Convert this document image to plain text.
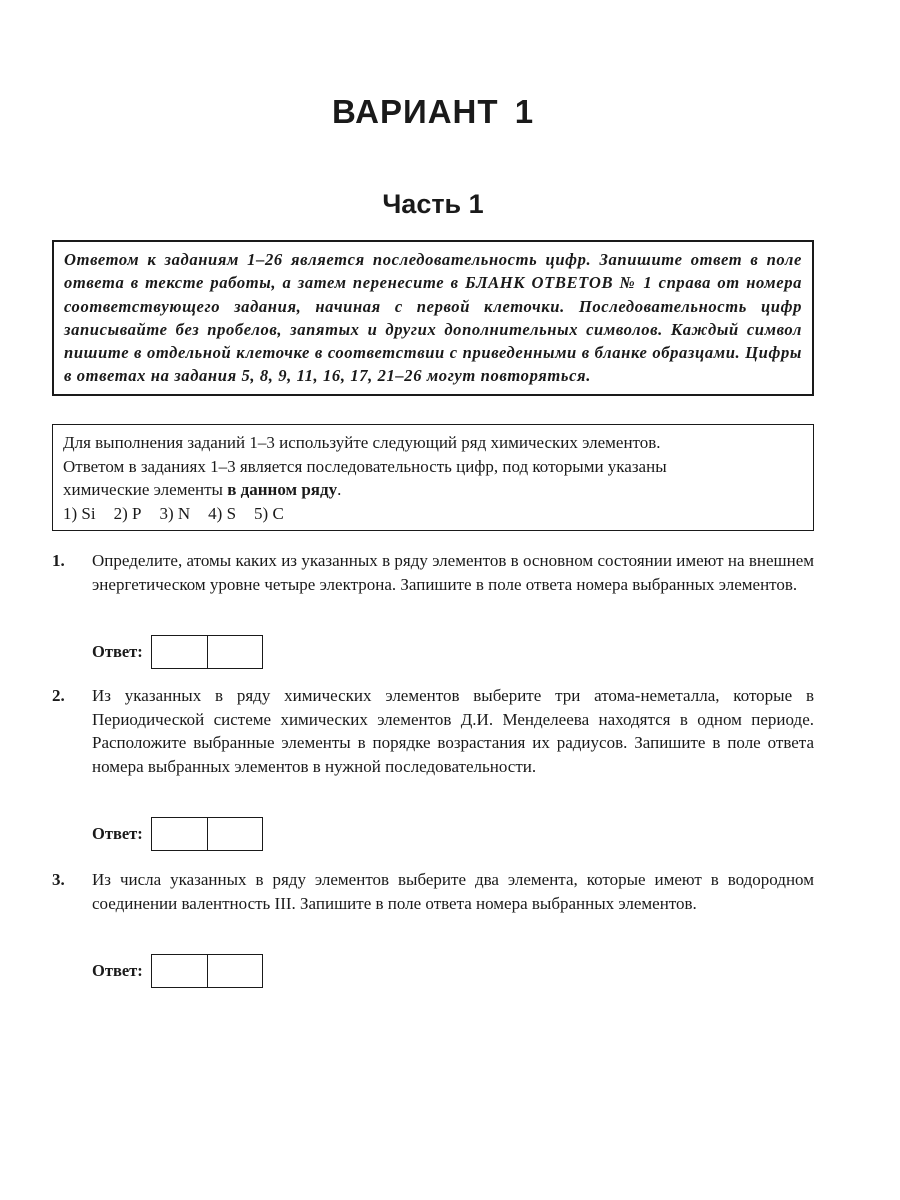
ВАРИАНТ 1
Часть 1
Ответом к заданиям 1–26 является последовательность цифр. Запишите ответ в поле ответа в тексте работы, а затем перенесите в БЛАНК ОТВЕТОВ № 1 справа от номера соответствующего задания, начиная с первой клеточки. Последовательность цифр записывайте без пробелов, запятых и других дополнительных символов. Каждый символ пишите в отдельной клеточке в соответствии с приведенными в бланке образцами. Цифры в ответах на задания 5, 8, 9, 11, 16, 17, 21–26 могут повторяться.
Для выполнения заданий 1–3 используйте следующий ряд химических элементов.
Ответом в заданиях 1–3 является последовательность цифр, под которыми указаны
химические элементы в данном ряду.
1) Si 2) P 3) N 4) S 5) C
1. Определите, атомы каких из указанных в ряду элементов в основном состоянии имеют на внешнем энергетическом уровне четыре электрона. Запишите в поле ответа номера выбранных элементов.

Ответ:
2. Из указанных в ряду химических элементов выберите три атома-неметалла, которые в Периодической системе химических элементов Д.И. Менделеева находятся в одном периоде. Расположите выбранные элементы в порядке возрастания их радиусов. Запишите в поле ответа номера выбранных элементов в нужной последовательности.

Ответ:
3. Из числа указанных в ряду элементов выберите два элемента, которые имеют в водородном соединении валентность III. Запишите в поле ответа номера выбранных элементов.

Ответ:
